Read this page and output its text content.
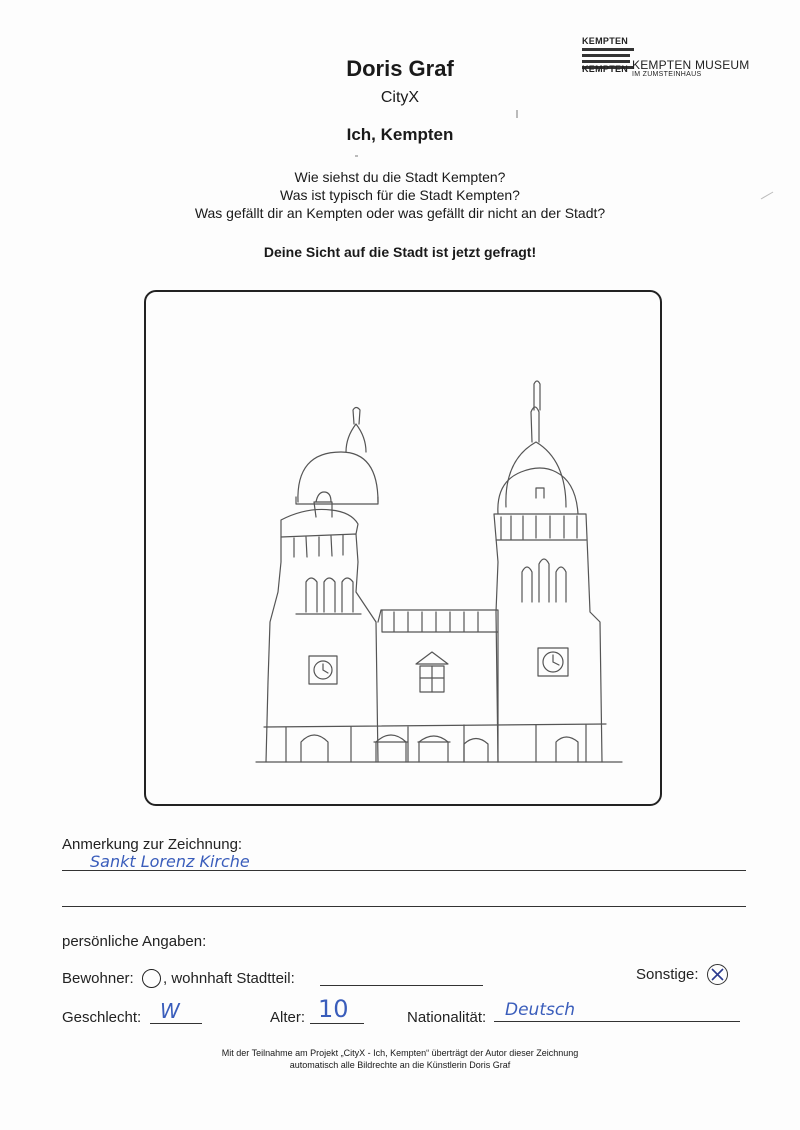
Doris Graf
CityX
Ich, Kempten
Wie siehst du die Stadt Kempten?
Was ist typisch für die Stadt Kempten?
Was gefällt dir an Kempten oder was gefällt dir nicht an der Stadt?
Deine Sicht auf die Stadt ist jetzt gefragt!
KEMPTEN
KEMPTEN KEMPTEN MUSEUM
IM ZUMSTEINHAUS
Anmerkung zur Zeichnung:
Sankt Lorenz Kirche
persönliche Angaben:
Bewohner: , wohnhaft Stadtteil:	Sonstige:
Geschlecht: W	Alter: 10	Nationalität: Deutsch
Mit der Teilnahme am Projekt „CityX - Ich, Kempten“ überträgt der Autor dieser Zeichnung
automatisch alle Bildrechte an die Künstlerin Doris Graf
